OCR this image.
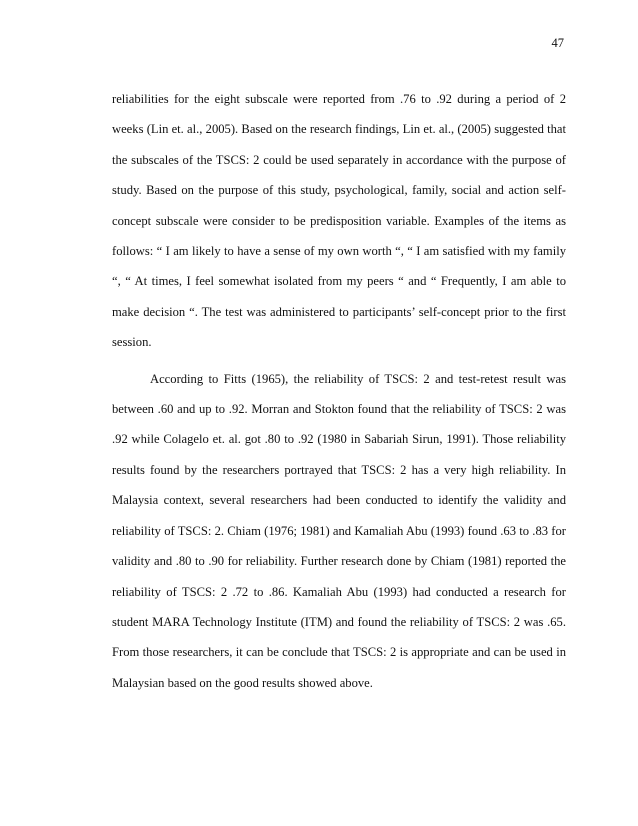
47

reliabilities for the eight subscale were reported from .76 to .92 during a period of 2 weeks (Lin et. al., 2005). Based on the research findings, Lin et. al., (2005) suggested that the subscales of the TSCS: 2 could be used separately in accordance with the purpose of study. Based on the purpose of this study, psychological, family, social and action self-concept subscale were consider to be predisposition variable. Examples of the items as follows: “ I am likely to have a sense of my own worth “, “ I am satisfied with my family “, “ At times, I feel somewhat isolated from my peers “ and “ Frequently, I am able to make decision “. The test was administered to participants’ self-concept prior to the first session.

According to Fitts (1965), the reliability of TSCS: 2 and test-retest result was between .60 and up to .92. Morran and Stokton found that the reliability of TSCS: 2 was .92 while Colagelo et. al. got .80 to .92 (1980 in Sabariah Sirun, 1991). Those reliability results found by the researchers portrayed that TSCS: 2 has a very high reliability. In Malaysia context, several researchers had been conducted to identify the validity and reliability of TSCS: 2. Chiam (1976; 1981) and Kamaliah Abu (1993) found .63 to .83 for validity and .80 to .90 for reliability. Further research done by Chiam (1981) reported the reliability of TSCS: 2 .72 to .86. Kamaliah Abu (1993) had conducted a research for student MARA Technology Institute (ITM) and found the reliability of TSCS: 2 was .65. From those researchers, it can be conclude that TSCS: 2 is appropriate and can be used in Malaysian based on the good results showed above.
